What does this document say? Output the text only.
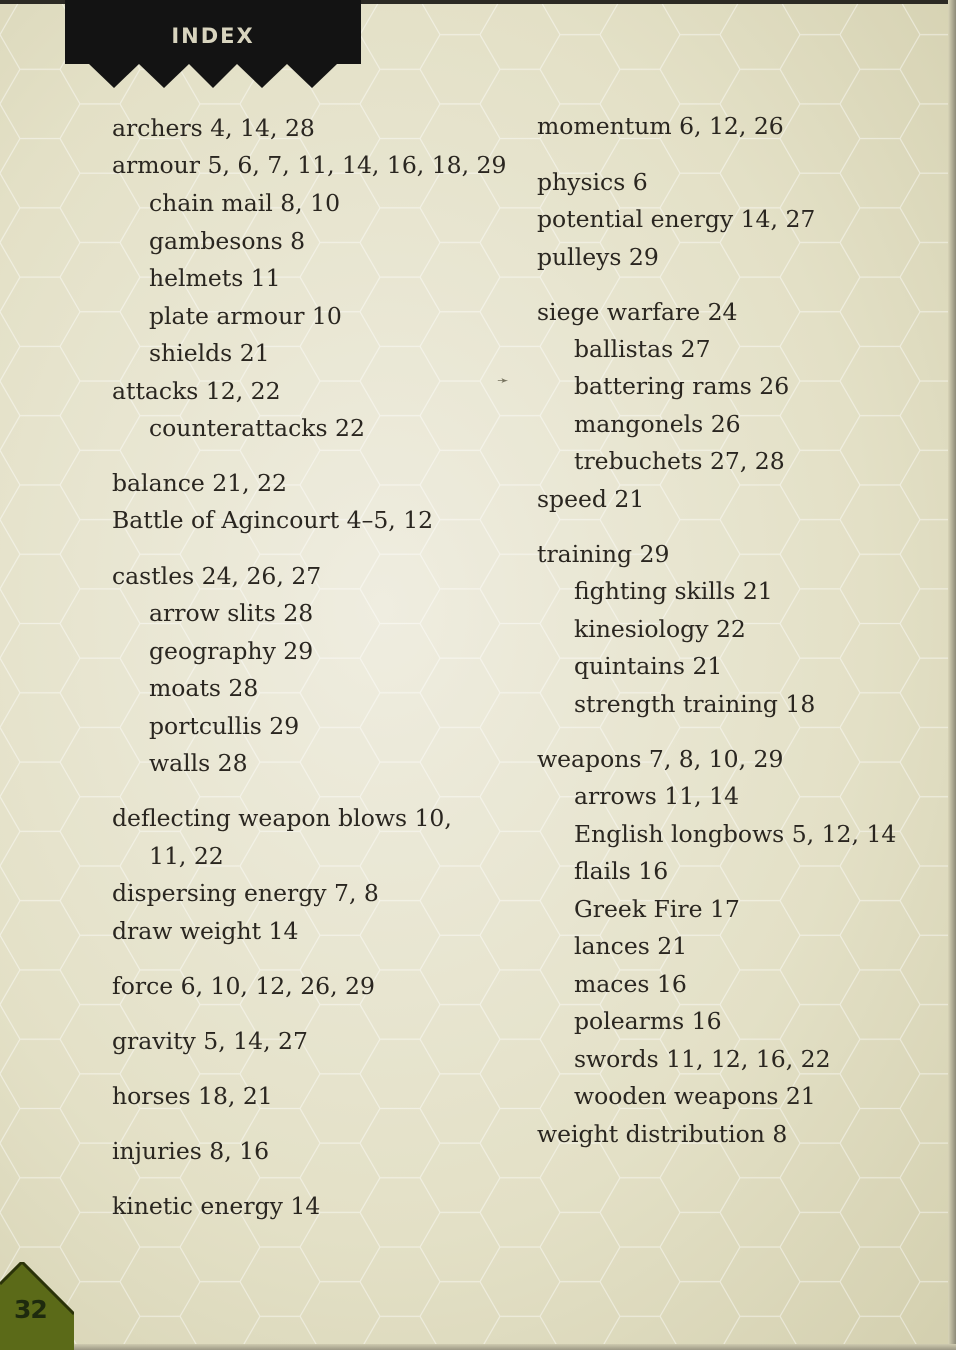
INDEX
32
➛
archers 4, 14, 28
armour 5, 6, 7, 11, 14, 16, 18, 29
chain mail 8, 10
gambesons 8
helmets 11
plate armour 10
shields 21
attacks 12, 22
counterattacks 22
balance 21, 22
Battle of Agincourt 4–5, 12
castles 24, 26, 27
arrow slits 28
geography 29
moats 28
portcullis 29
walls 28
deflecting weapon blows 10,
11, 22
dispersing energy 7, 8
draw weight 14
force 6, 10, 12, 26, 29
gravity 5, 14, 27
horses 18, 21
injuries 8, 16
kinetic energy 14
momentum 6, 12, 26
physics 6
potential energy 14, 27
pulleys 29
siege warfare 24
ballistas 27
battering rams 26
mangonels 26
trebuchets 27, 28
speed 21
training 29
fighting skills 21
kinesiology 22
quintains 21
strength training 18
weapons 7, 8, 10, 29
arrows 11, 14
English longbows 5, 12, 14
flails 16
Greek Fire 17
lances 21
maces 16
polearms 16
swords 11, 12, 16, 22
wooden weapons 21
weight distribution 8
